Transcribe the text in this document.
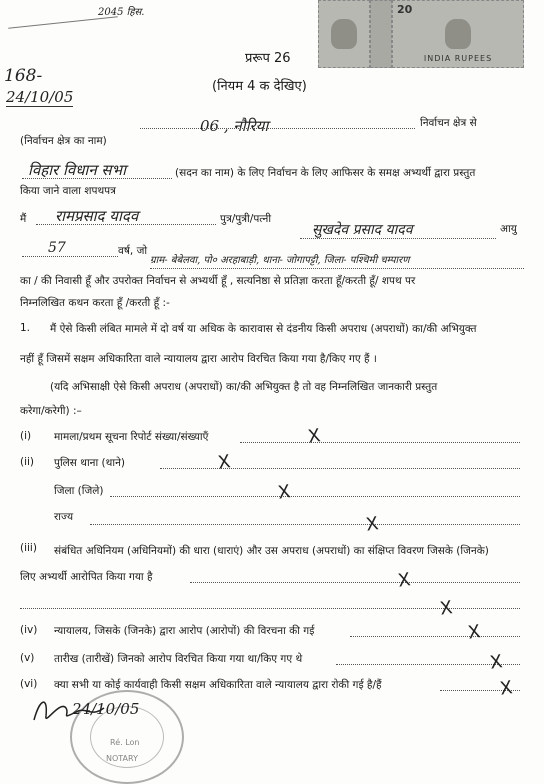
2045 हिस.	20
INDIA RUPEES
168-
24/10/05
प्ररूप 26
(नियम 4 क देखिए)
06 , नौरिया	निर्वाचन क्षेत्र से
(निर्वाचन क्षेत्र का नाम)
विहार विधान सभा	(सदन का नाम) के लिए निर्वाचन के लिए आफिसर के समक्ष अभ्यर्थी द्वारा प्रस्तुत
किया जाने वाला शपथपत्र
मैं रामप्रसाद यादव	पुत्र/पुत्री/पत्नी
सुखदेव प्रसाद यादव	आयु
57	वर्ष, जो
ग्राम- बेबेलवा, पो० अरहाबाड़ी, थाना- जोगापट्टी, जिला- पश्चिमी चम्पारण
का / की निवासी हूँ और उपरोक्त निर्वाचन से अभ्यर्थी हूँ , सत्यनिष्ठा से प्रतिज्ञा करता हूँ/करती हूँ/ शपथ पर
निम्नलिखित कथन करता हूँ /करती हूँ :-
1. मैं ऐसे किसी लंबित मामले में दो वर्ष या अधिक के कारावास से दंडनीय किसी अपराध (अपराधों) का/की अभियुक्त
नहीं हूँ जिसमें सक्षम अधिकारिता वाले न्यायालय द्वारा आरोप विरचित किया गया है/किए गए हैं ।
(यदि अभिसाक्षी ऐसे किसी अपराध (अपराधों) का/की अभियुक्त है तो वह निम्नलिखित जानकारी प्रस्तुत
करेगा/करेगी) :–
(i) मामला/प्रथम सूचना रिपोर्ट संख्या/संख्याएँ	X
(ii) पुलिस थाना (थाने)	X
जिला (जिले)	X
राज्य	X
(iii) संबंधित अधिनियम (अधिनियमों) की धारा (धाराएं) और उस अपराध (अपराधों) का संक्षिप्त विवरण जिसके (जिनके)
लिए अभ्यर्थी आरोपित किया गया है	X
X
(iv) न्यायालय, जिसके (जिनके) द्वारा आरोप (आरोपों) की विरचना की गई	X
(v) तारीख (तारीखें) जिनको आरोप विरचित किया गया था/किए गए थे	X
(vi) क्या सभी या कोई कार्यवाही किसी सक्षम अधिकारिता वाले न्यायालय द्वारा रोकी गई है/हैं	X
Ré. Lon
NOTARY
24/10/05
